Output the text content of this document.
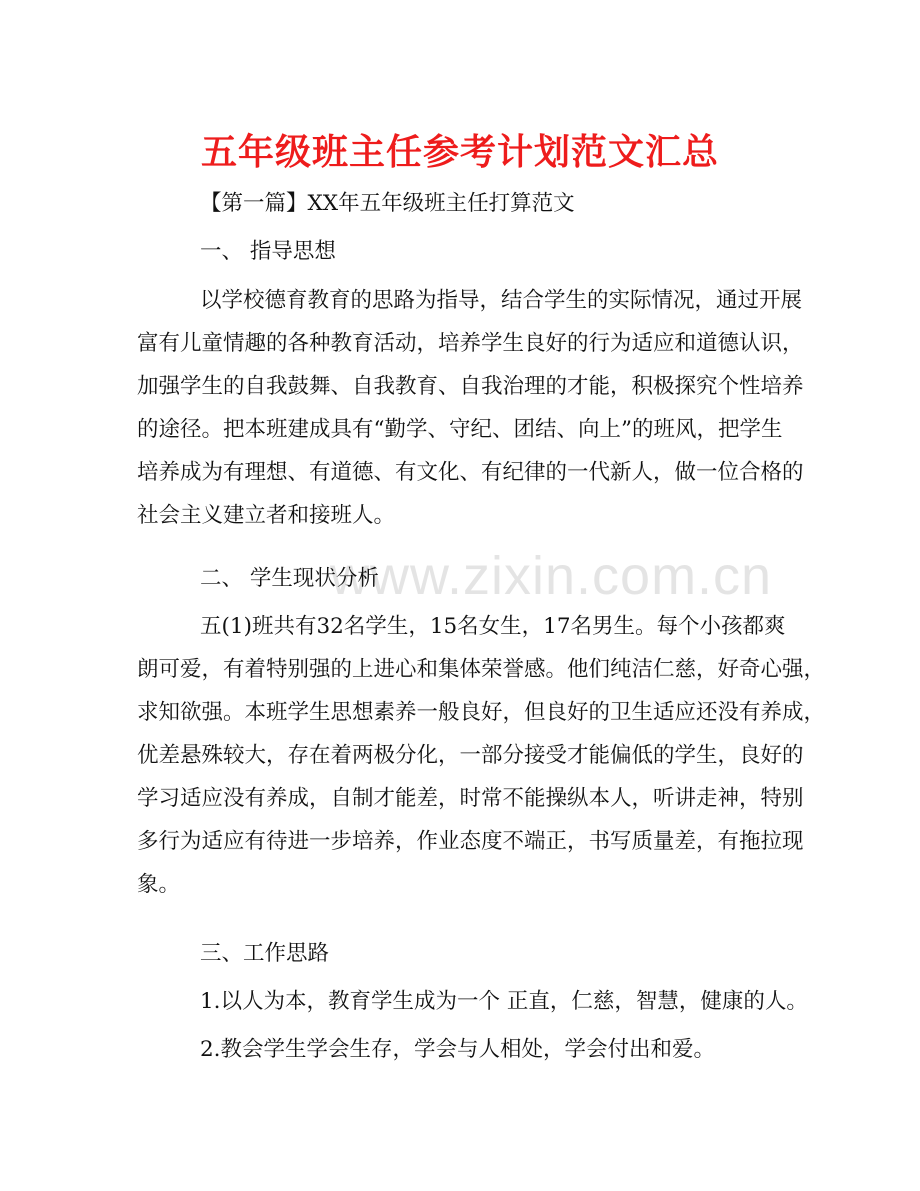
www.zixin.com.cn
五年级班主任参考计划范文汇总
【第一篇】XX年五年级班主任打算范文
一、 指导思想
以学校德育教育的思路为指导，结合学生的实际情况，通过开展
富有儿童情趣的各种教育活动，培养学生良好的行为适应和道德认识，
加强学生的自我鼓舞、自我教育、自我治理的才能，积极探究个性培养
的途径。把本班建成具有“勤学、守纪、团结、向上”的班风，把学生
培养成为有理想、有道德、有文化、有纪律的一代新人，做一位合格的
社会主义建立者和接班人。
二、 学生现状分析
五(1)班共有32名学生，15名女生，17名男生。每个小孩都爽
朗可爱，有着特别强的上进心和集体荣誉感。他们纯洁仁慈，好奇心强，
求知欲强。本班学生思想素养一般良好，但良好的卫生适应还没有养成，
优差悬殊较大，存在着两极分化，一部分接受才能偏低的学生，良好的
学习适应没有养成，自制才能差，时常不能操纵本人，听讲走神，特别
多行为适应有待进一步培养，作业态度不端正，书写质量差，有拖拉现
象。
三、工作思路
1.以人为本，教育学生成为一个 正直，仁慈，智慧，健康的人。
2.教会学生学会生存，学会与人相处，学会付出和爱。
